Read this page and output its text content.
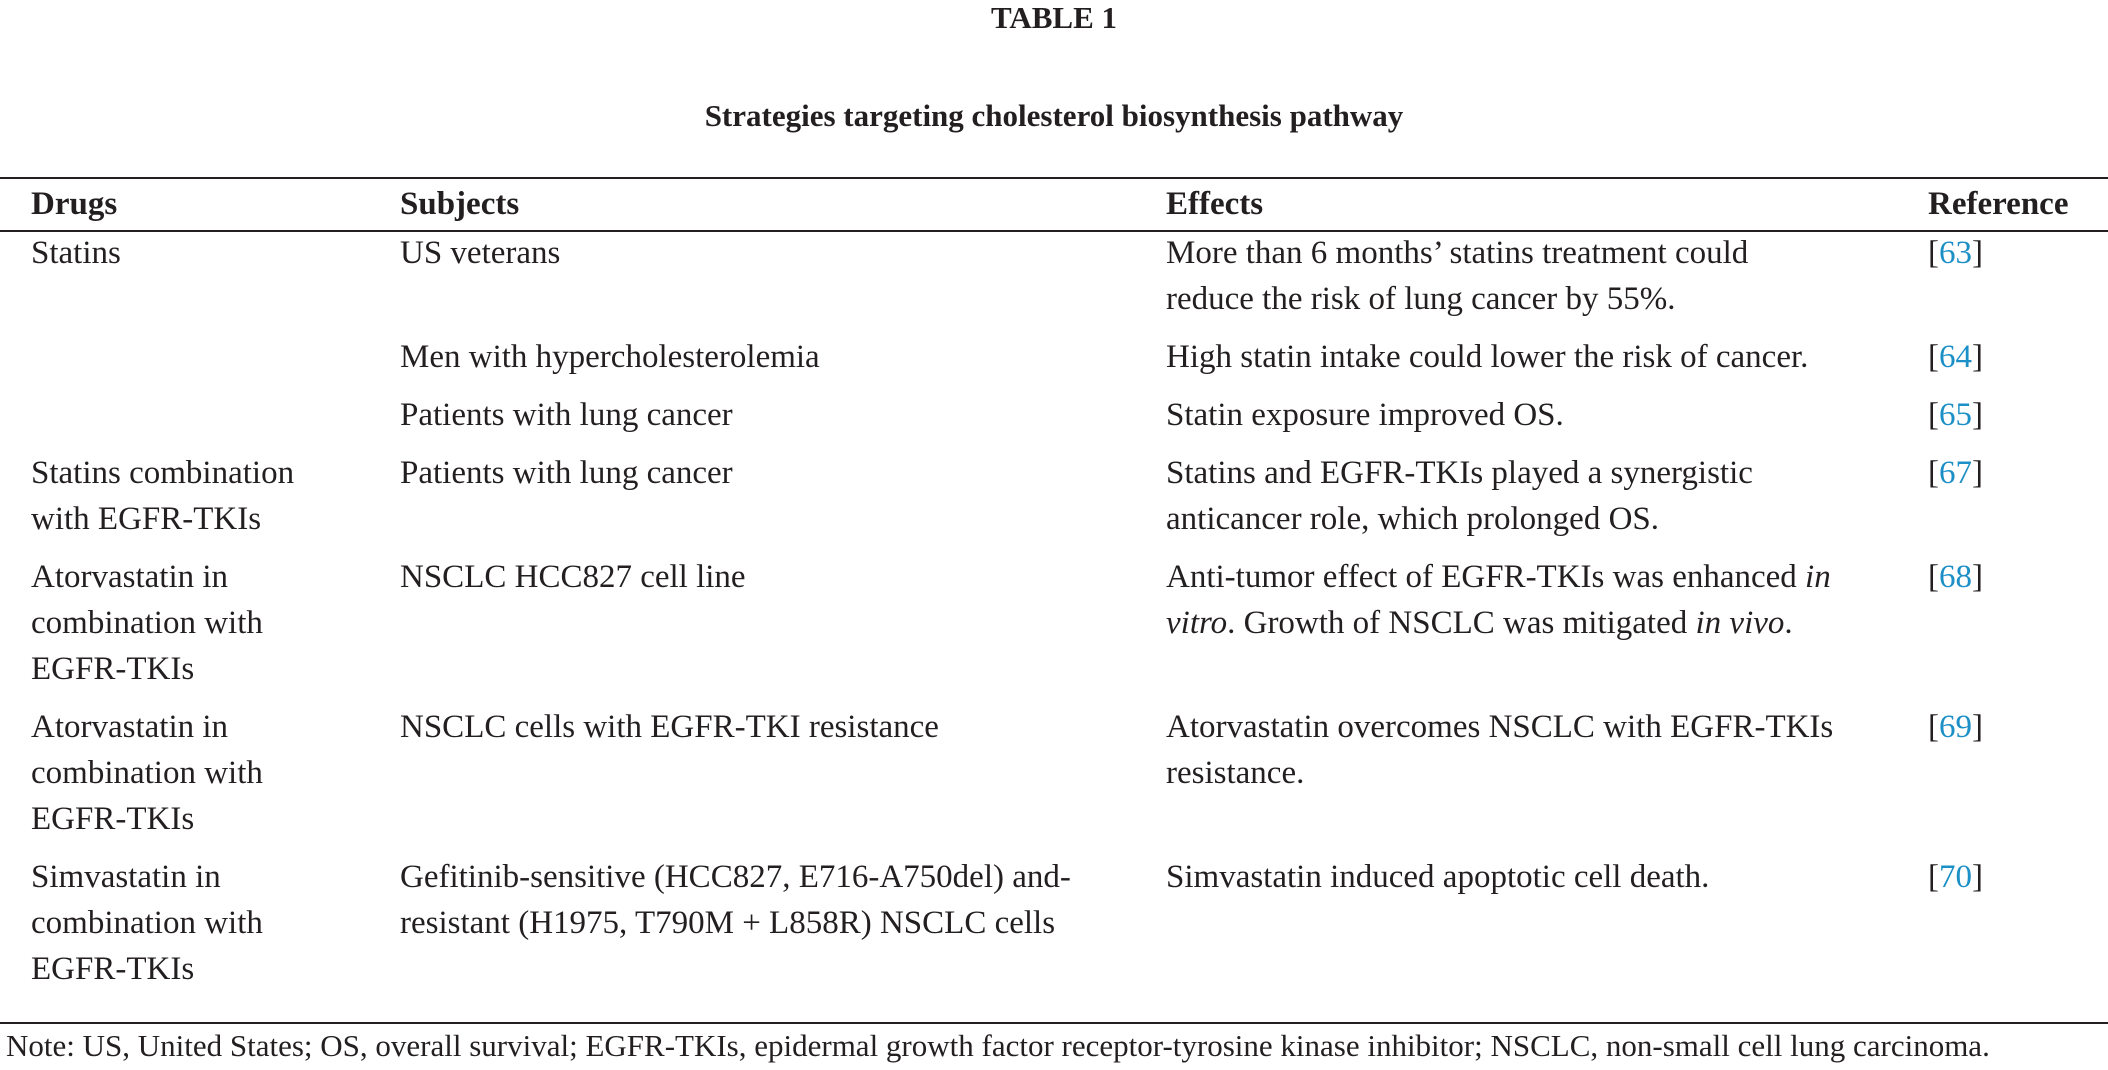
TABLE 1
Strategies targeting cholesterol biosynthesis pathway
Drugs	Subjects	Effects	Reference
Statins	US veterans	More than 6 months’ statins treatment could
reduce the risk of lung cancer by 55%.	[63]
	Men with hypercholesterolemia	High statin intake could lower the risk of cancer.	[64]
	Patients with lung cancer	Statin exposure improved OS.	[65]
Statins combination
with EGFR-TKIs	Patients with lung cancer	Statins and EGFR-TKIs played a synergistic
anticancer role, which prolonged OS.	[67]
Atorvastatin in
combination with
EGFR-TKIs	NSCLC HCC827 cell line	Anti-tumor effect of EGFR-TKIs was enhanced in
vitro. Growth of NSCLC was mitigated in vivo.	[68]
Atorvastatin in
combination with
EGFR-TKIs	NSCLC cells with EGFR-TKI resistance	Atorvastatin overcomes NSCLC with EGFR-TKIs
resistance.	[69]
Simvastatin in
combination with
EGFR-TKIs	Gefitinib-sensitive (HCC827, E716-A750del) and-
resistant (H1975, T790M + L858R) NSCLC cells	Simvastatin induced apoptotic cell death.	[70]
Note: US, United States; OS, overall survival; EGFR-TKIs, epidermal growth factor receptor-tyrosine kinase inhibitor; NSCLC, non-small cell lung carcinoma.
